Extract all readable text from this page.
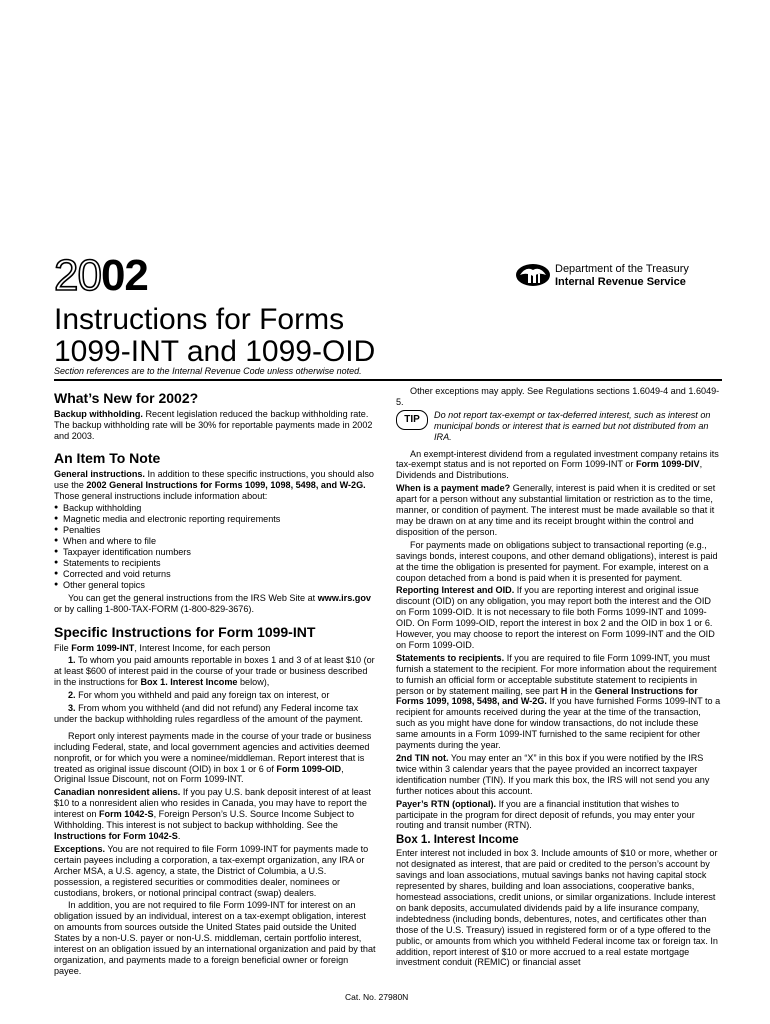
2002	Department of the Treasury
Internal Revenue Service
Instructions for Forms
1099-INT and 1099-OID
Section references are to the Internal Revenue Code unless otherwise noted.
What’s New for 2002?

Backup withholding. Recent legislation reduced the backup withholding rate. The backup withholding rate will be 30% for reportable payments made in 2002 and 2003.

An Item To Note

General instructions. In addition to these specific instructions, you should also use the 2002 General Instructions for Forms 1099, 1098, 5498, and W-2G. Those general instructions include information about:

● Backup withholding
● Magnetic media and electronic reporting requirements
● Penalties
● When and where to file
● Taxpayer identification numbers
● Statements to recipients
● Corrected and void returns
● Other general topics

You can get the general instructions from the IRS Web Site at www.irs.gov or by calling 1-800-TAX-FORM (1-800-829-3676).

Specific Instructions for Form 1099-INT

File Form 1099-INT, Interest Income, for each person

1. To whom you paid amounts reportable in boxes 1 and 3 of at least $10 (or at least $600 of interest paid in the course of your trade or business described in the instructions for Box 1. Interest Income below),

2. For whom you withheld and paid any foreign tax on interest, or

3. From whom you withheld (and did not refund) any Federal income tax under the backup withholding rules regardless of the amount of the payment.

Report only interest payments made in the course of your trade or business including Federal, state, and local government agencies and activities deemed nonprofit, or for which you were a nominee/middleman. Report interest that is treated as original issue discount (OID) in box 1 or 6 of Form 1099-OID, Original Issue Discount, not on Form 1099-INT.

Canadian nonresident aliens. If you pay U.S. bank deposit interest of at least $10 to a nonresident alien who resides in Canada, you may have to report the interest on Form 1042-S, Foreign Person’s U.S. Source Income Subject to Withholding. This interest is not subject to backup withholding. See the Instructions for Form 1042-S.

Exceptions. You are not required to file Form 1099-INT for payments made to certain payees including a corporation, a tax-exempt organization, any IRA or Archer MSA, a U.S. agency, a state, the District of Columbia, a U.S. possession, a registered securities or commodities dealer, nominees or custodians, brokers, or notional principal contract (swap) dealers.

In addition, you are not required to file Form 1099-INT for interest on an obligation issued by an individual, interest on a tax-exempt obligation, interest on amounts from sources outside the United States paid outside the United States by a non-U.S. payer or non-U.S. middleman, certain portfolio interest, interest on an obligation issued by an international organization and paid by that organization, and payments made to a foreign beneficial owner or foreign payee.

Other exceptions may apply. See Regulations sections 1.6049-4 and 1.6049-5.

TIP	Do not report tax-exempt or tax-deferred interest, such as interest on municipal bonds or interest that is earned but not distributed from an IRA.

An exempt-interest dividend from a regulated investment company retains its tax-exempt status and is not reported on Form 1099-INT or Form 1099-DIV, Dividends and Distributions.

When is a payment made? Generally, interest is paid when it is credited or set apart for a person without any substantial limitation or restriction as to the time, manner, or condition of payment. The interest must be made available so that it may be drawn on at any time and its receipt brought within the control and disposition of the person.

For payments made on obligations subject to transactional reporting (e.g., savings bonds, interest coupons, and other demand obligations), interest is paid at the time the obligation is presented for payment. For example, interest on a coupon detached from a bond is paid when it is presented for payment.

Reporting Interest and OID. If you are reporting interest and original issue discount (OID) on any obligation, you may report both the interest and the OID on Form 1099-OID. It is not necessary to file both Forms 1099-INT and 1099-OID. On Form 1099-OID, report the interest in box 2 and the OID in box 1 or 6. However, you may choose to report the interest on Form 1099-INT and the OID on Form 1099-OID.

Statements to recipients. If you are required to file Form 1099-INT, you must furnish a statement to the recipient. For more information about the requirement to furnish an official form or acceptable substitute statement to recipients in person or by statement mailing, see part H in the General Instructions for Forms 1099, 1098, 5498, and W-2G. If you have furnished Forms 1099-INT to a recipient for amounts received during the year at the time of the transaction, such as you might have done for window transactions, do not include these same amounts in a Form 1099-INT furnished to the same recipient for other payments during the year.

2nd TIN not. You may enter an “X” in this box if you were notified by the IRS twice within 3 calendar years that the payee provided an incorrect taxpayer identification number (TIN). If you mark this box, the IRS will not send you any further notices about this account.

Payer’s RTN (optional). If you are a financial institution that wishes to participate in the program for direct deposit of refunds, you may enter your routing and transit number (RTN).

Box 1. Interest Income

Enter interest not included in box 3. Include amounts of $10 or more, whether or not designated as interest, that are paid or credited to the person’s account by savings and loan associations, mutual savings banks not having capital stock represented by shares, building and loan associations, cooperative banks, homestead associations, credit unions, or similar organizations. Include interest on bank deposits, accumulated dividends paid by a life insurance company, indebtedness (including bonds, debentures, notes, and certificates other than those of the U.S. Treasury) issued in registered form or of a type offered to the public, or amounts from which you withheld Federal income tax or foreign tax. In addition, report interest of $10 or more accrued to a real estate mortgage investment conduit (REMIC) or financial asset

Cat. No. 27980N
